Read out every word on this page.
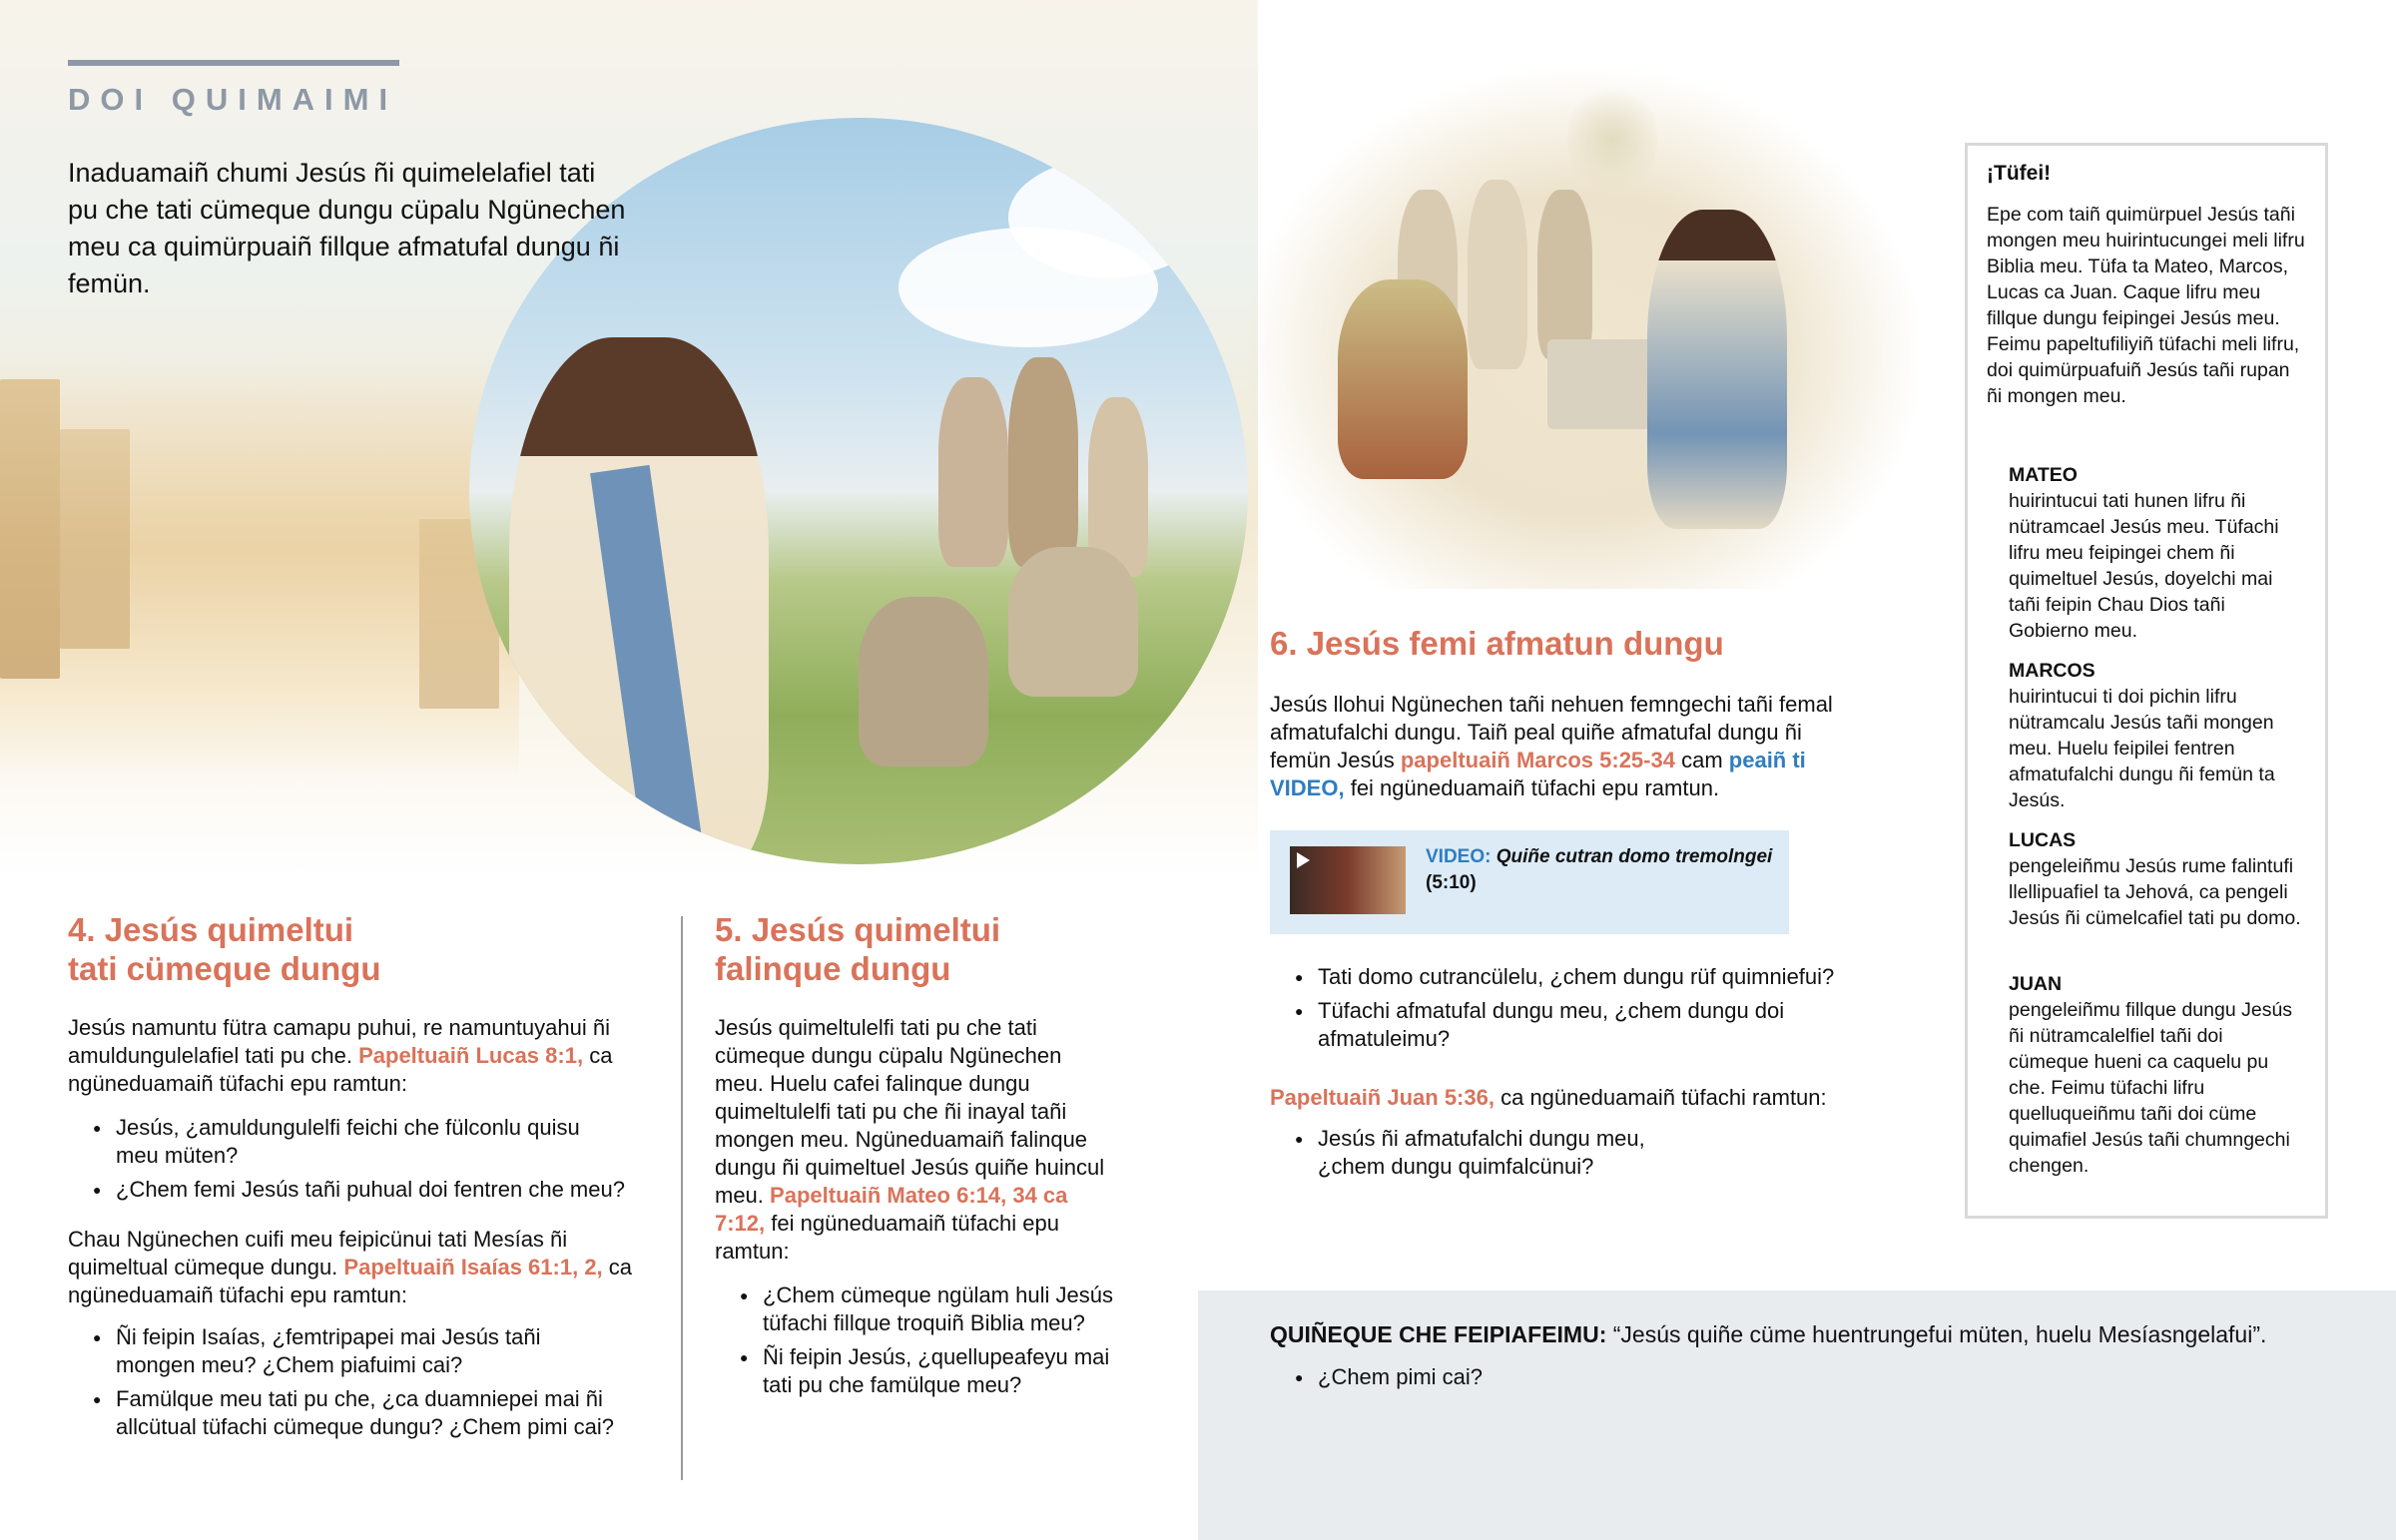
DOI QUIMAIMI
Inaduamaiñ chumi Jesús ñi quimelelafiel tati pu che tati cümeque dungu cüpalu Ngünechen meu ca quimürpuaiñ fillque afmatufal dungu ñi femün.
4. Jesús quimeltui
tati cümeque dungu

Jesús namuntu fütra camapu puhui, re namuntuyahui ñi amuldungulelafiel tati pu che. Papeltuaiñ Lucas 8:1, ca ngüneduamaiñ tüfachi epu ramtun:

● Jesús, ¿amuldungulelfi feichi che fülconlu quisu meu müten?
● ¿Chem femi Jesús tañi puhual doi fentren che meu?

Chau Ngünechen cuifi meu feipicünui tati Mesías ñi quimeltual cümeque dungu. Papeltuaiñ Isaías 61:1, 2, ca ngüneduamaiñ tüfachi epu ramtun:

● Ñi feipin Isaías, ¿femtripapei mai Jesús tañi mongen meu? ¿Chem piafuimi cai?
● Famülque meu tati pu che, ¿ca duamniepei mai ñi allcütual tüfachi cümeque dungu? ¿Chem pimi cai?
5. Jesús quimeltui
falinque dungu

Jesús quimeltulelfi tati pu che tati cümeque dungu cüpalu Ngünechen meu. Huelu cafei falinque dungu quimeltulelfi tati pu che ñi inayal tañi mongen meu. Ngüneduamaiñ falinque dungu ñi quimeltuel Jesús quiñe huincul meu. Papeltuaiñ Mateo 6:14, 34 ca 7:12, fei ngüneduamaiñ tüfachi epu ramtun:

● ¿Chem cümeque ngülam huli Jesús tüfachi fillque troquiñ Biblia meu?
● Ñi feipin Jesús, ¿quellupeafeyu mai tati pu che famülque meu?
6. Jesús femi afmatun dungu

Jesús llohui Ngünechen tañi nehuen femngechi tañi femal afmatufalchi dungu. Taiñ peal quiñe afmatufal dungu ñi femün Jesús papeltuaiñ Marcos 5:25-34 cam peaiñ ti VIDEO, fei ngüneduamaiñ tüfachi epu ramtun.

VIDEO: Quiñe cutran domo tremolngei
(5:10)
● Tati domo cutrancülelu, ¿chem dungu rüf quimniefui?
● Tüfachi afmatufal dungu meu, ¿chem dungu doi afmatuleimu?

Papeltuaiñ Juan 5:36, ca ngüneduamaiñ tüfachi ramtun:

● Jesús ñi afmatufalchi dungu meu, ¿chem dungu quimfalcünui?
¡Tüfei!
Epe com taiñ quimürpuel Jesús tañi mongen meu huirintucungei meli lifru Biblia meu. Tüfa ta Mateo, Marcos, Lucas ca Juan. Caque lifru meu fillque dungu feipingei Jesús meu. Feimu papeltufiliyiñ tüfachi meli lifru, doi quimürpuafuiñ Jesús tañi rupan ñi mongen meu.
MATEO
huirintucui tati hunen lifru ñi nütramcael Jesús meu. Tüfachi lifru meu feipingei chem ñi quimeltuel Jesús, doyelchi mai tañi feipin Chau Dios tañi Gobierno meu.
MARCOS
huirintucui ti doi pichin lifru nütramcalu Jesús tañi mongen meu. Huelu feipilei fentren afmatufalchi dungu ñi femün ta Jesús.
LUCAS
pengeleiñmu Jesús rume falintufi llellipuafiel ta Jehová, ca pengeli Jesús ñi cümelcafiel tati pu domo.
JUAN
pengeleiñmu fillque dungu Jesús ñi nütramcalelfiel tañi doi cümeque hueni ca caquelu pu che. Feimu tüfachi lifru quelluqueiñmu tañi doi cüme quimafiel Jesús tañi chumngechi chengen.
QUIÑEQUE CHE FEIPIAFEIMU: “Jesús quiñe cüme huentrungefui müten, huelu Mesíasngelafui”.
● ¿Chem pimi cai?
